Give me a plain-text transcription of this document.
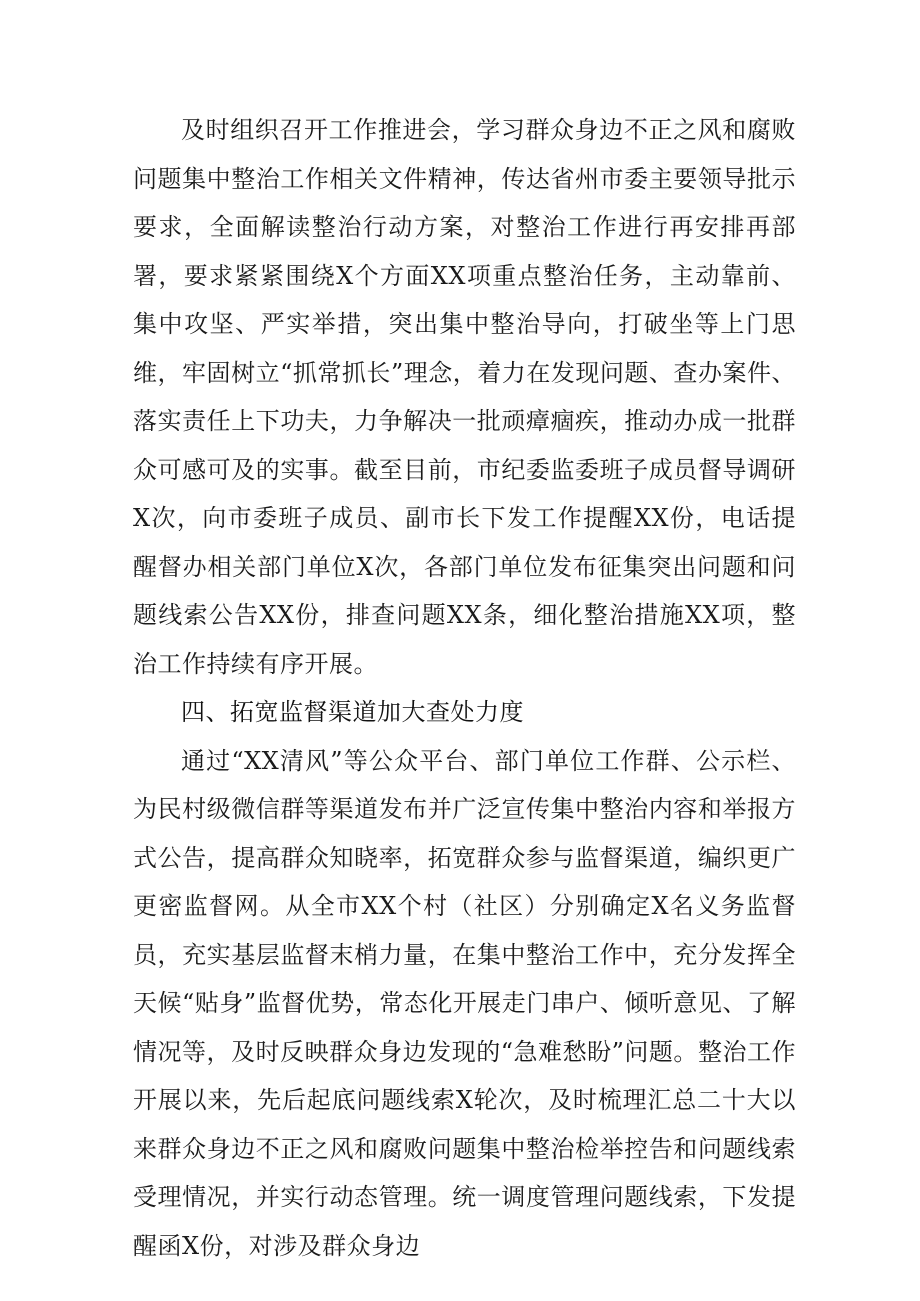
及时组织召开工作推进会，学习群众身边不正之风和腐败问题集中整治工作相关文件精神，传达省州市委主要领导批示要求，全面解读整治行动方案，对整治工作进行再安排再部署，要求紧紧围绕X个方面XX项重点整治任务，主动靠前、集中攻坚、严实举措，突出集中整治导向，打破坐等上门思维，牢固树立“抓常抓长”理念，着力在发现问题、查办案件、落实责任上下功夫，力争解决一批顽瘴痼疾，推动办成一批群众可感可及的实事。截至目前，市纪委监委班子成员督导调研X次，向市委班子成员、副市长下发工作提醒XX份，电话提醒督办相关部门单位X次，各部门单位发布征集突出问题和问题线索公告XX份，排查问题XX条，细化整治措施XX项，整治工作持续有序开展。

四、拓宽监督渠道加大查处力度

通过“XX清风”等公众平台、部门单位工作群、公示栏、为民村级微信群等渠道发布并广泛宣传集中整治内容和举报方式公告，提高群众知晓率，拓宽群众参与监督渠道，编织更广更密监督网。从全市XX个村（社区）分别确定X名义务监督员，充实基层监督末梢力量，在集中整治工作中，充分发挥全天候“贴身”监督优势，常态化开展走门串户、倾听意见、了解情况等，及时反映群众身边发现的“急难愁盼”问题。整治工作开展以来，先后起底问题线索X轮次，及时梳理汇总二十大以来群众身边不正之风和腐败问题集中整治检举控告和问题线索受理情况，并实行动态管理。统一调度管理问题线索，下发提醒函X份，对涉及群众身边
